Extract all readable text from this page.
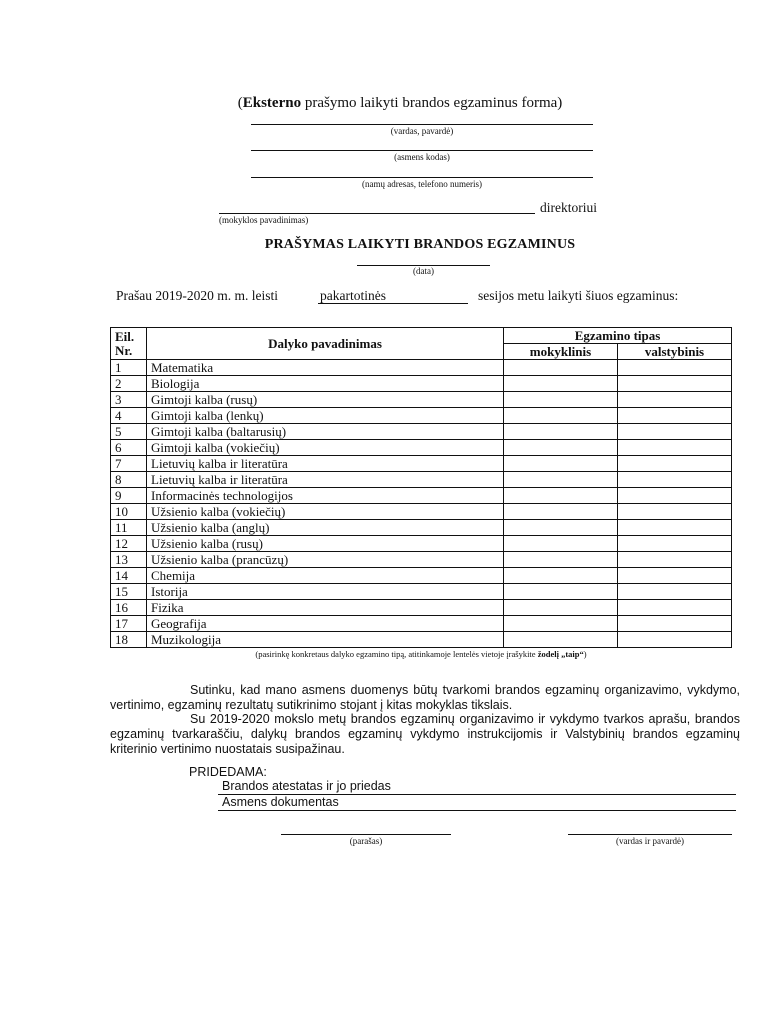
(Eksterno prašymo laikyti brandos egzaminus forma)
(vardas, pavardė)
(asmens kodas)
(namų adresas, telefono numeris)
direktoriui
(mokyklos pavadinimas)
PRAŠYMAS LAIKYTI BRANDOS EGZAMINUS
(data)
Prašau 2019-2020 m. m. leisti	pakartotinės	sesijos metu laikyti šiuos egzaminus:
Eil. Nr.	Dalyko pavadinimas	Egzamino tipas	
		mokyklinis	valstybinis
1	Matematika		
2	Biologija		
3	Gimtoji kalba (rusų)		
4	Gimtoji kalba (lenkų)		
5	Gimtoji kalba (baltarusių)		
6	Gimtoji kalba (vokiečių)		
7	Lietuvių kalba ir literatūra		
8	Lietuvių kalba ir literatūra		
9	Informacinės technologijos		
10	Užsienio kalba (vokiečių)		
11	Užsienio kalba (anglų)		
12	Užsienio kalba (rusų)		
13	Užsienio kalba (prancūzų)		
14	Chemija		
15	Istorija		
16	Fizika		
17	Geografija		
18	Muzikologija		
(pasirinkę konkretaus dalyko egzamino tipą, atitinkamoje lentelės vietoje įrašykite žodelį „taip“)
Sutinku, kad mano asmens duomenys būtų tvarkomi brandos egzaminų organizavimo, vykdymo, vertinimo, egzaminų rezultatų sutikrinimo stojant į kitas mokyklas tikslais.
Su 2019-2020 mokslo metų brandos egzaminų organizavimo ir vykdymo tvarkos aprašu, brandos egzaminų tvarkaraščiu, dalykų brandos egzaminų vykdymo instrukcijomis ir Valstybinių brandos egzaminų kriterinio vertinimo nuostatais susipažinau.
PRIDEDAMA:
Brandos atestatas ir jo priedas
Asmens dokumentas
(parašas)	(vardas ir pavardė)
